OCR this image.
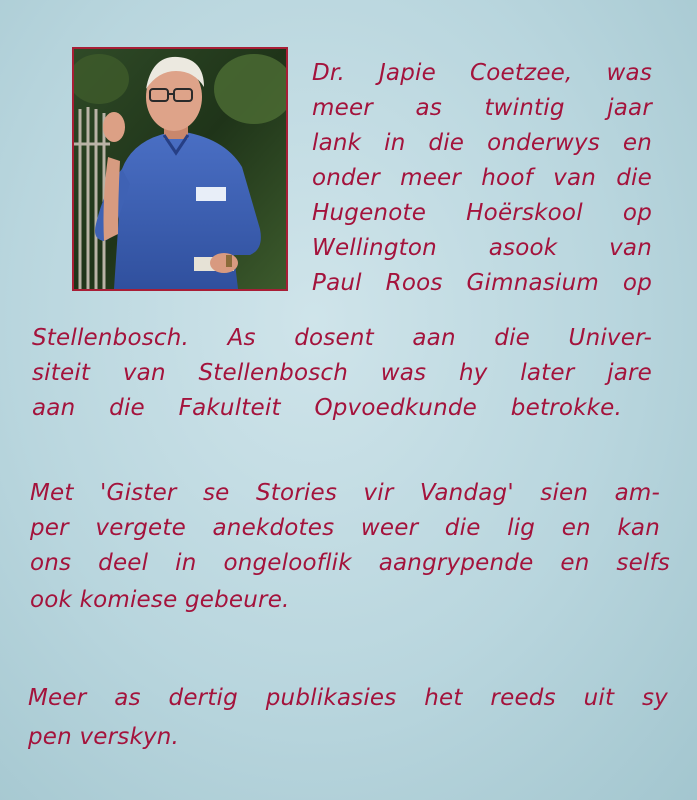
Dr. Japie Coetzee, was
meer as twintig jaar
lank in die onderwys en
onder meer hoof van die
Hugenote Hoërskool op
Wellington asook van
Paul Roos Gimnasium op
Stellenbosch. As dosent aan die Univer-
siteit van Stellenbosch was hy later jare
aan die Fakulteit Opvoedkunde betrokke.
Met 'Gister se Stories vir Vandag' sien am-
per vergete anekdotes weer die lig en kan
ons deel in ongelooflik aangrypende en selfs
ook komiese gebeure.
Meer as dertig publikasies het reeds uit sy
pen verskyn.
